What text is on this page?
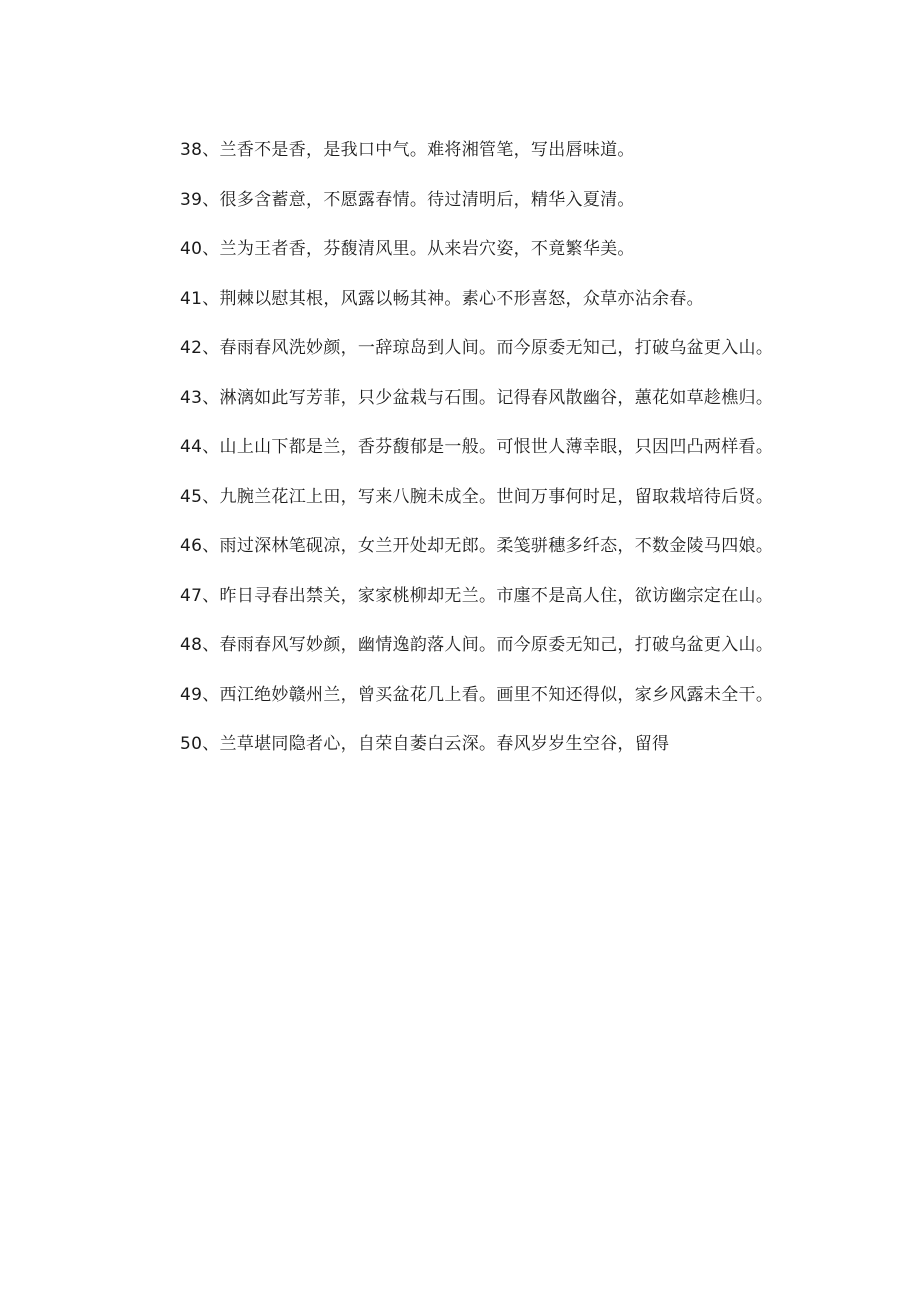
38、兰香不是香，是我口中气。难将湘管笔，写出唇味道。

39、很多含蓄意，不愿露春情。待过清明后，精华入夏清。

40、兰为王者香，芬馥清风里。从来岩穴姿，不竟繁华美。

41、荆棘以慰其根，风露以畅其神。素心不形喜怒，众草亦沾余春。

42、春雨春风洗妙颜，一辞琼岛到人间。而今原委无知己，打破乌盆更入山。

43、淋漓如此写芳菲，只少盆栽与石围。记得春风散幽谷，蕙花如草趁樵归。

44、山上山下都是兰，香芬馥郁是一般。可恨世人薄幸眼，只因凹凸两样看。

45、九腕兰花江上田，写来八腕未成全。世间万事何时足，留取栽培待后贤。

46、雨过深林笔砚凉，女兰开处却无郎。柔笺骈穗多纤态，不数金陵马四娘。

47、昨日寻春出禁关，家家桃柳却无兰。市廛不是高人住，欲访幽宗定在山。

48、春雨春风写妙颜，幽情逸韵落人间。而今原委无知己，打破乌盆更入山。

49、西江绝妙赣州兰，曾买盆花几上看。画里不知还得似，家乡风露未全干。

50、兰草堪同隐者心，自荣自萎白云深。春风岁岁生空谷，留得
